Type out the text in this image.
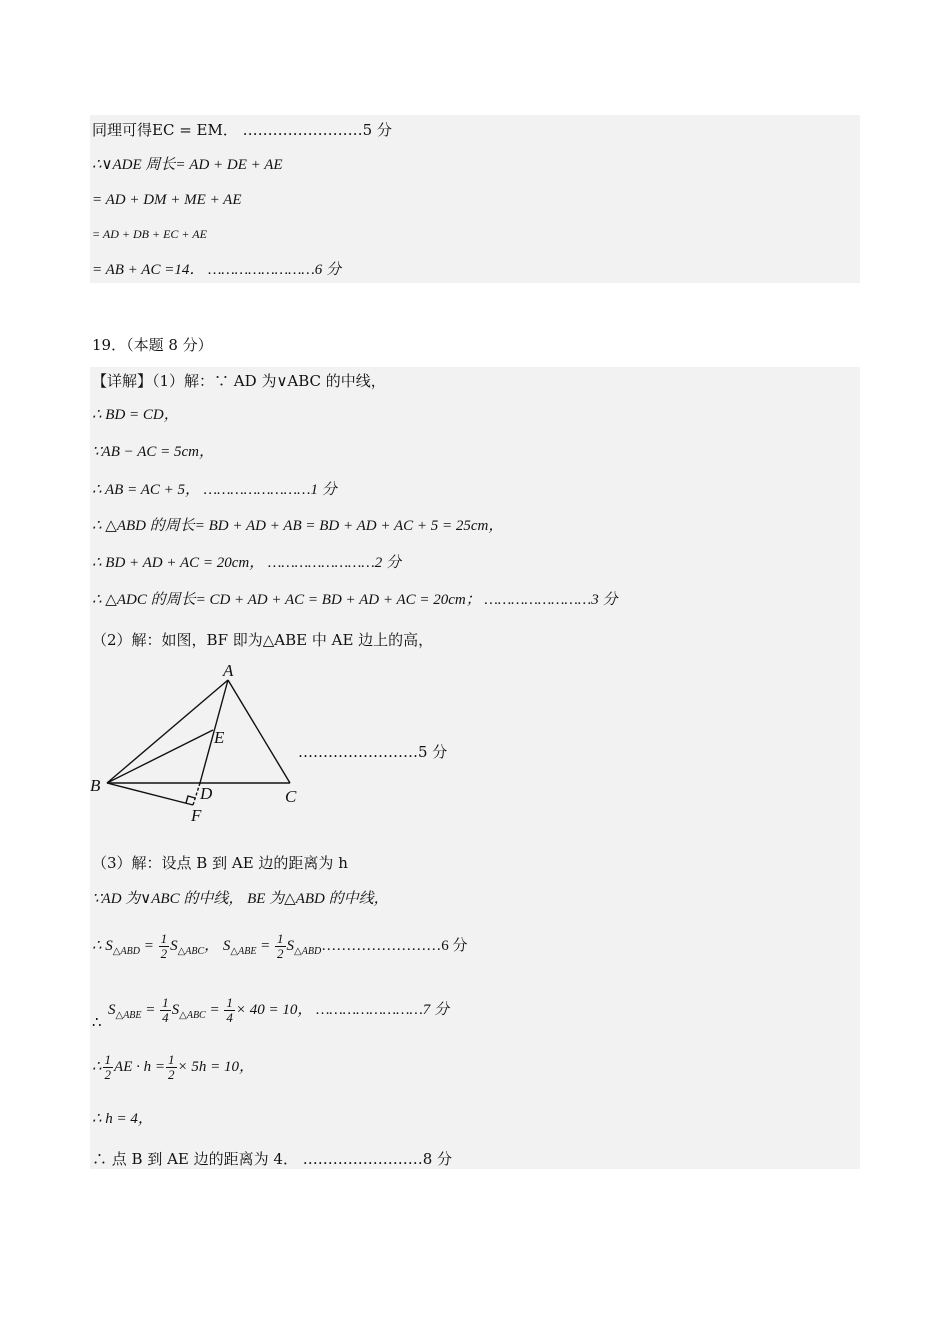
同理可得EC = EM． ……………………5 分
∴∨ADE 周长= AD + DE + AE
= AD + DM + ME + AE
= AD + DB + EC + AE
= AB + AC =14． ……………………6 分
19．（本题 8 分）
【详解】（1）解：∵ AD 为∨ABC 的中线，
∴ BD = CD，
∵AB − AC = 5cm，
∴ AB = AC + 5， ……………………1 分
∴ △ABD 的周长= BD + AD + AB = BD + AD + AC + 5 = 25cm，
∴ BD + AD + AC = 20cm， ……………………2 分
∴ △ADC 的周长= CD + AD + AC = BD + AD + AC = 20cm； ……………………3 分
（2）解：如图，BF 即为△ABE 中 AE 边上的高，
A
B
C
D
E
F
……………………5 分
（3）解：设点 B 到 AE 边的距离为 h
∵AD 为∨ABC 的中线， BE 为△ABD 的中线，
∴ $S_{\triangle ABD} = \frac{1}{2} S_{\triangle ABC}$， $S_{\triangle ABE} = \frac{1}{2}$ $S_{\triangle ABD}\dots\dots\dots\dots\dots\dots\dots\dots 6$ 分
$S_{\triangle ABE} = \frac{1}{4} S_{\triangle ABC} = \frac{1}{4} \times 40 = 10$， ……………………7 分
∴
∴ $\frac{1}{2}$ AE · $h = \frac{1}{2} \times 5h = 10$，
∴ h = 4，
∴ 点 B 到 AE 边的距离为 4． ……………………8 分
